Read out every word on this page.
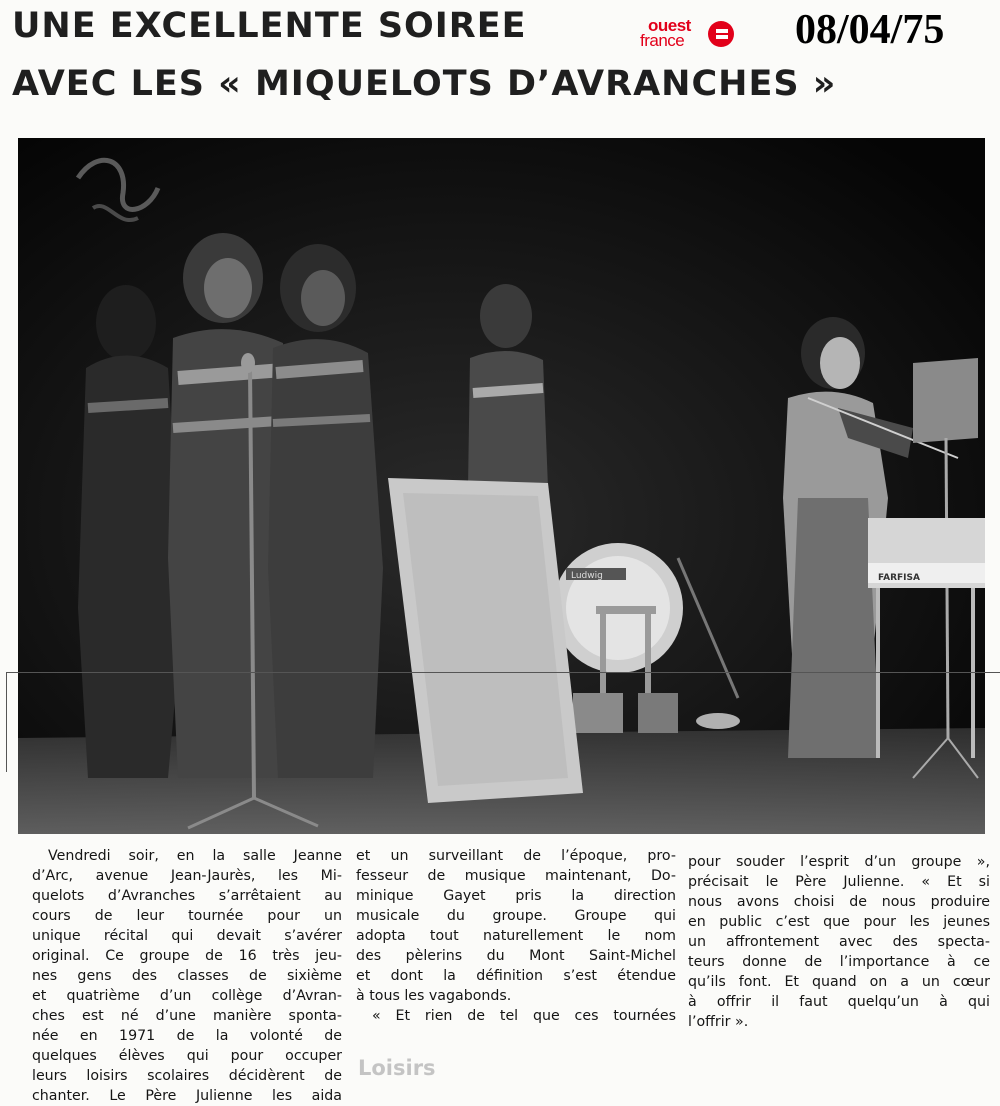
UNE EXCELLENTE SOIREE
AVEC LES « MIQUELOTS D’AVRANCHES »
ouest
france	08/04/75
Ludwig	FARFISA
Vendredi soir, en la salle Jeanne
d’Arc, avenue Jean-Jaurès, les Mi-
quelots d’Avranches s’arrêtaient au
cours de leur tournée pour un
unique récital qui devait s’avérer
original. Ce groupe de 16 très jeu-
nes gens des classes de sixième
et quatrième d’un collège d’Avran-
ches est né d’une manière sponta-
née en 1971 de la volonté de
quelques élèves qui pour occuper
leurs loisirs scolaires décidèrent de
chanter. Le Père Julienne les aida
et un surveillant de l’époque, pro-
fesseur de musique maintenant, Do-
minique Gayet pris la direction
musicale du groupe. Groupe qui
adopta tout naturellement le nom
des pèlerins du Mont Saint-Michel
et dont la définition s’est étendue
à tous les vagabonds.
« Et rien de tel que ces tournées
pour souder l’esprit d’un groupe »,
précisait le Père Julienne. « Et si
nous avons choisi de nous produire
en public c’est que pour les jeunes
un affrontement avec des specta-
teurs donne de l’importance à ce
qu’ils font. Et quand on a un cœur
à offrir il faut quelqu’un à qui
l’offrir ».
Loisirs
